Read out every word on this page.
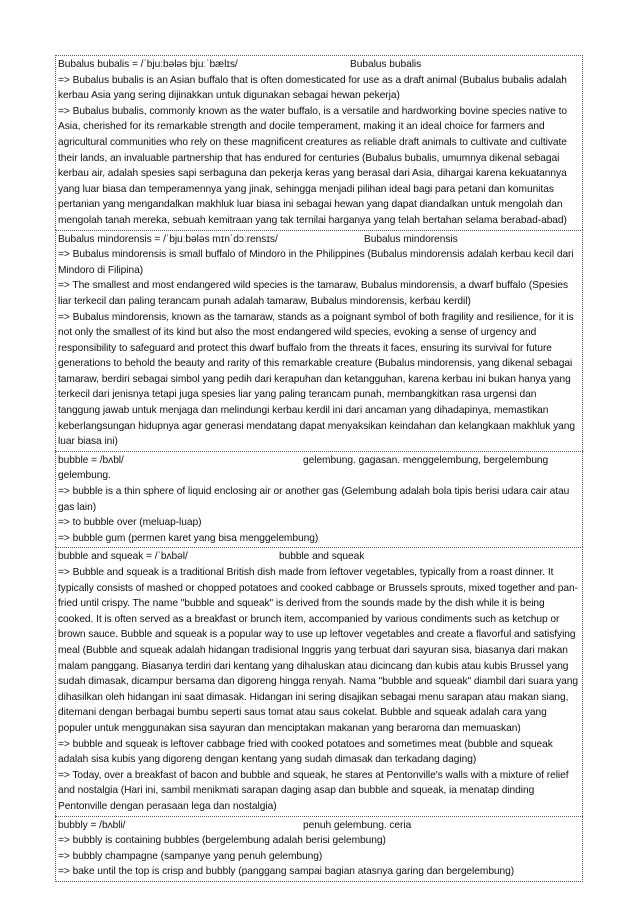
Bubalus bubalis = /ˈbjuːbələs bjuːˈbælɪs/	Bubalus bubalis

=> Bubalus bubalis is an Asian buffalo that is often domesticated for use as a draft animal (Bubalus bubalis adalah kerbau Asia yang sering dijinakkan untuk digunakan sebagai hewan pekerja)

=> Bubalus bubalis, commonly known as the water buffalo, is a versatile and hardworking bovine species native to Asia, cherished for its remarkable strength and docile temperament, making it an ideal choice for farmers and agricultural communities who rely on these magnificent creatures as reliable draft animals to cultivate and cultivate their lands, an invaluable partnership that has endured for centuries (Bubalus bubalis, umumnya dikenal sebagai kerbau air, adalah spesies sapi serbaguna dan pekerja keras yang berasal dari Asia, dihargai karena kekuatannya yang luar biasa dan temperamennya yang jinak, sehingga menjadi pilihan ideal bagi para petani dan komunitas pertanian yang mengandalkan makhluk luar biasa ini sebagai hewan yang dapat diandalkan untuk mengolah dan mengolah tanah mereka, sebuah kemitraan yang tak ternilai harganya yang telah bertahan selama berabad-abad)

Bubalus mindorensis = /ˈbjuːbələs mɪnˈdɔːrensɪs/	Bubalus mindorensis

=> Bubalus mindorensis is small buffalo of Mindoro in the Philippines (Bubalus mindorensis adalah kerbau kecil dari Mindoro di Filipina)

=> The smallest and most endangered wild species is the tamaraw, Bubalus mindorensis, a dwarf buffalo (Spesies liar terkecil dan paling terancam punah adalah tamaraw, Bubalus mindorensis, kerbau kerdil)

=> Bubalus mindorensis, known as the tamaraw, stands as a poignant symbol of both fragility and resilience, for it is not only the smallest of its kind but also the most endangered wild species, evoking a sense of urgency and responsibility to safeguard and protect this dwarf buffalo from the threats it faces, ensuring its survival for future generations to behold the beauty and rarity of this remarkable creature (Bubalus mindorensis, yang dikenal sebagai tamaraw, berdiri sebagai simbol yang pedih dari kerapuhan dan ketangguhan, karena kerbau ini bukan hanya yang terkecil dari jenisnya tetapi juga spesies liar yang paling terancam punah, membangkitkan rasa urgensi dan tanggung jawab untuk menjaga dan melindungi kerbau kerdil ini dari ancaman yang dihadapinya, memastikan keberlangsungan hidupnya agar generasi mendatang dapat menyaksikan keindahan dan kelangkaan makhluk yang luar biasa ini)

bubble = /bʌbl/	gelembung. gagasan. menggelembung, bergelembung

gelembung.

=> bubble is a thin sphere of liquid enclosing air or another gas (Gelembung adalah bola tipis berisi udara cair atau gas lain)

=> to bubble over (meluap-luap)

=> bubble gum (permen karet yang bisa menggelembung)

bubble and squeak = /ˈbʌbəl/	bubble and squeak

=> Bubble and squeak is a traditional British dish made from leftover vegetables, typically from a roast dinner. It typically consists of mashed or chopped potatoes and cooked cabbage or Brussels sprouts, mixed together and pan-fried until crispy. The name "bubble and squeak" is derived from the sounds made by the dish while it is being cooked. It is often served as a breakfast or brunch item, accompanied by various condiments such as ketchup or brown sauce. Bubble and squeak is a popular way to use up leftover vegetables and create a flavorful and satisfying meal (Bubble and squeak adalah hidangan tradisional Inggris yang terbuat dari sayuran sisa, biasanya dari makan malam panggang. Biasanya terdiri dari kentang yang dihaluskan atau dicincang dan kubis atau kubis Brussel yang sudah dimasak, dicampur bersama dan digoreng hingga renyah. Nama "bubble and squeak" diambil dari suara yang dihasilkan oleh hidangan ini saat dimasak. Hidangan ini sering disajikan sebagai menu sarapan atau makan siang, ditemani dengan berbagai bumbu seperti saus tomat atau saus cokelat. Bubble and squeak adalah cara yang populer untuk menggunakan sisa sayuran dan menciptakan makanan yang beraroma dan memuaskan)

=> bubble and squeak is leftover cabbage fried with cooked potatoes and sometimes meat (bubble and squeak adalah sisa kubis yang digoreng dengan kentang yang sudah dimasak dan terkadang daging)

=> Today, over a breakfast of bacon and bubble and squeak, he stares at Pentonville's walls with a mixture of relief and nostalgia (Hari ini, sambil menikmati sarapan daging asap dan bubble and squeak, ia menatap dinding Pentonville dengan perasaan lega dan nostalgia)

bubbly = /bʌbli/	penuh gelembung. ceria

=> bubbly is containing bubbles (bergelembung adalah berisi gelembung)

=> bubbly champagne (sampanye yang penuh gelembung)

=> bake until the top is crisp and bubbly (panggang sampai bagian atasnya garing dan bergelembung)
